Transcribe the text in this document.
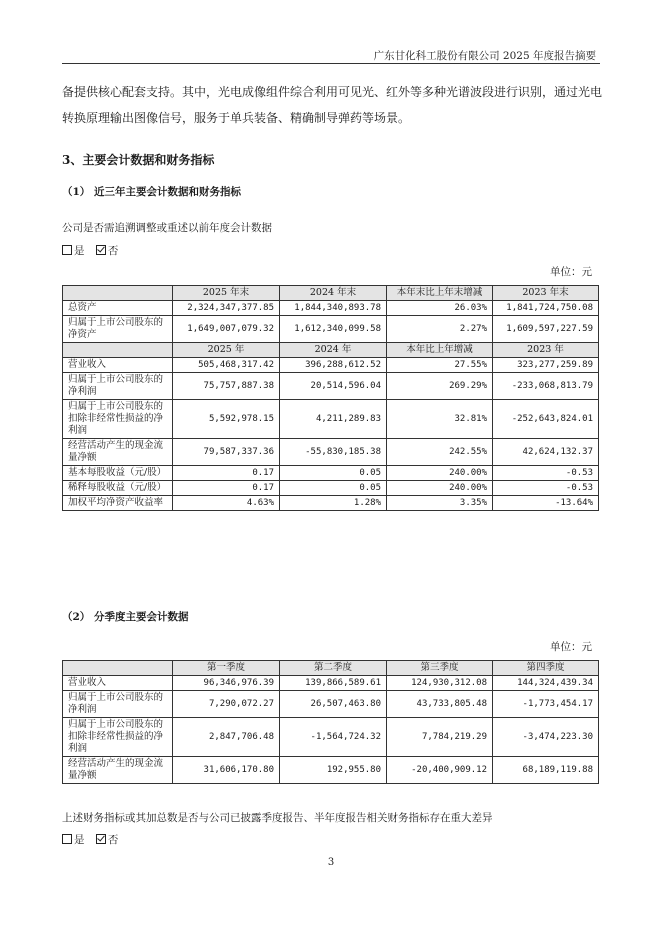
广东甘化科工股份有限公司 2025 年度报告摘要
备提供核心配套支持。其中，光电成像组件综合利用可见光、红外等多种光谱波段进行识别，通过光电
转换原理输出图像信号，服务于单兵装备、精确制导弹药等场景。
3、主要会计数据和财务指标
（1） 近三年主要会计数据和财务指标
公司是否需追溯调整或重述以前年度会计数据
是 否
单位：元
	2025 年末	2024 年末	本年末比上年末增减	2023 年末
总资产	2,324,347,377.85	1,844,340,893.78	26.03%	1,841,724,750.08
归属于上市公司股东的净资产	1,649,007,079.32	1,612,340,099.58	2.27%	1,609,597,227.59
	2025 年	2024 年	本年比上年增减	2023 年
营业收入	505,468,317.42	396,288,612.52	27.55%	323,277,259.89
归属于上市公司股东的净利润	75,757,887.38	20,514,596.04	269.29%	-233,068,813.79
归属于上市公司股东的扣除非经常性损益的净利润	5,592,978.15	4,211,289.83	32.81%	-252,643,824.01
经营活动产生的现金流量净额	79,587,337.36	-55,830,185.38	242.55%	42,624,132.37
基本每股收益（元/股）	0.17	0.05	240.00%	-0.53
稀释每股收益（元/股）	0.17	0.05	240.00%	-0.53
加权平均净资产收益率	4.63%	1.28%	3.35%	-13.64%
（2） 分季度主要会计数据
单位：元
	第一季度	第二季度	第三季度	第四季度
营业收入	96,346,976.39	139,866,589.61	124,930,312.08	144,324,439.34
归属于上市公司股东的净利润	7,290,072.27	26,507,463.80	43,733,805.48	-1,773,454.17
归属于上市公司股东的扣除非经常性损益的净利润	2,847,706.48	-1,564,724.32	7,784,219.29	-3,474,223.30
经营活动产生的现金流量净额	31,606,170.80	192,955.80	-20,400,909.12	68,189,119.88
上述财务指标或其加总数是否与公司已披露季度报告、半年度报告相关财务指标存在重大差异
是 否
3
